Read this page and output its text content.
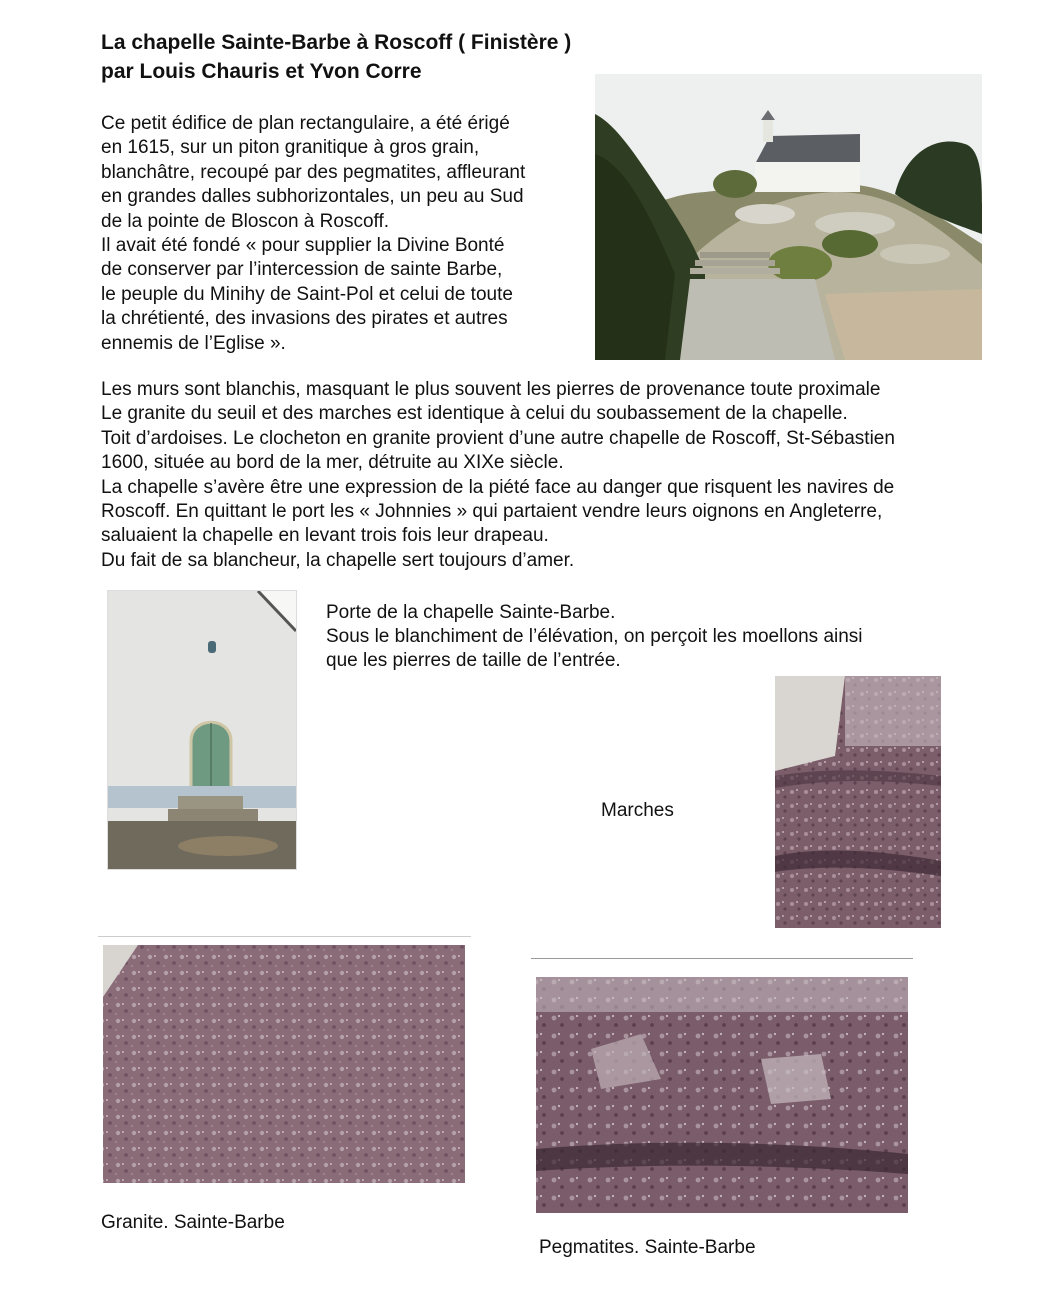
La chapelle Sainte-Barbe à Roscoff ( Finistère )
par Louis Chauris et Yvon Corre
Ce petit édifice de plan rectangulaire, a été érigé
en 1615, sur un piton granitique à gros grain,
blanchâtre, recoupé par des pegmatites, affleurant
en grandes dalles subhorizontales, un peu au Sud
de la pointe de Bloscon à Roscoff.
Il avait été fondé « pour supplier la Divine Bonté
de conserver par l’intercession de sainte Barbe,
le peuple du Minihy de Saint-Pol et celui de toute
la chrétienté, des invasions des pirates et autres
ennemis de l’Eglise ».
Les murs sont blanchis, masquant le plus souvent les pierres de provenance toute proximale
Le granite du seuil et des marches est identique à celui du soubassement de la chapelle.
Toit d’ardoises. Le clocheton en granite provient d’une autre chapelle de Roscoff, St-Sébastien
1600, située au bord de la mer, détruite au XIXe siècle.
La chapelle s’avère être une expression de la piété face au danger que risquent les navires de
Roscoff. En quittant le port les « Johnnies » qui partaient vendre leurs oignons en Angleterre,
saluaient la chapelle en levant trois fois leur drapeau.
Du fait de sa blancheur, la chapelle sert toujours d’amer.
Porte de la chapelle Sainte-Barbe.
Sous le blanchiment de l’élévation, on perçoit les moellons ainsi
que les pierres de taille de l’entrée.
Marches
Granite. Sainte-Barbe
Pegmatites. Sainte-Barbe
